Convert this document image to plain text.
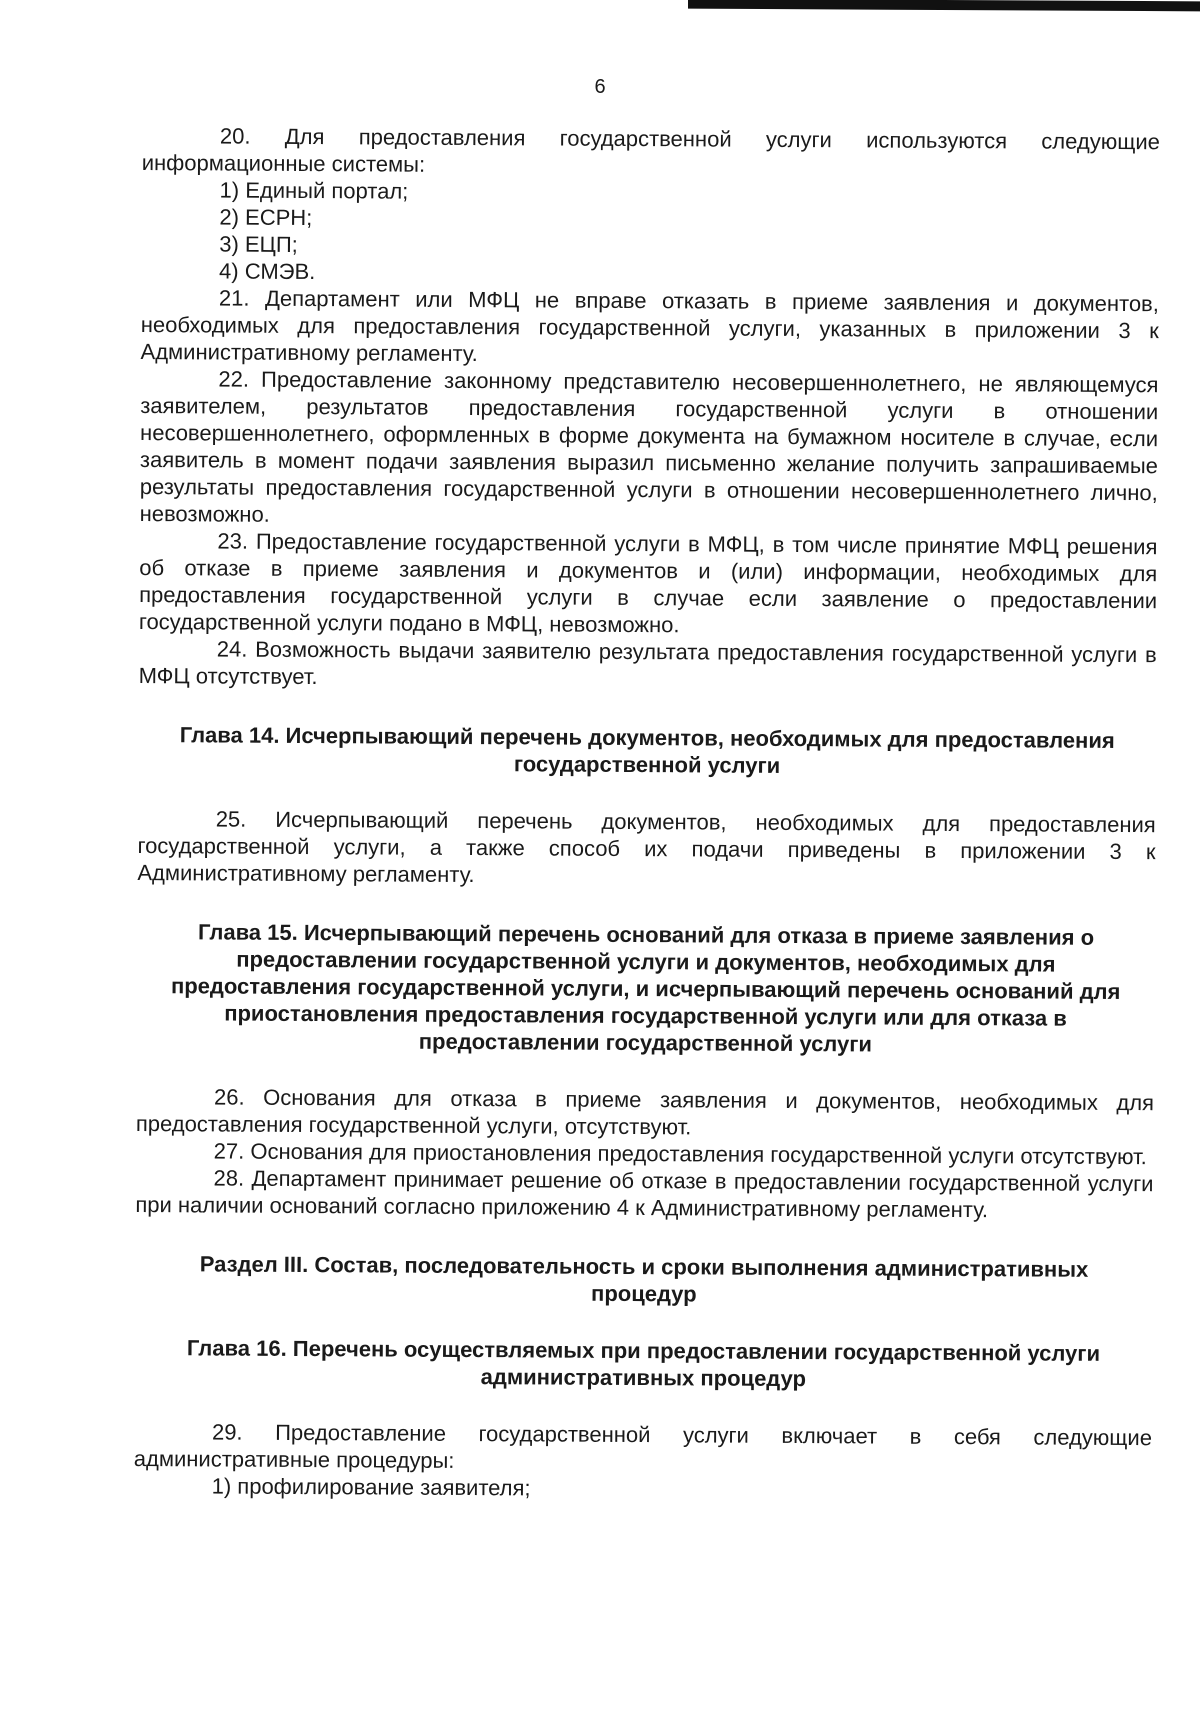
6

20. Для предоставления государственной услуги используются следующие информационные системы:

1) Единый портал;

2) ЕСРН;

3) ЕЦП;

4) СМЭВ.

21. Департамент или МФЦ не вправе отказать в приеме заявления и документов, необходимых для предоставления государственной услуги, указанных в приложении 3 к Административному регламенту.

22. Предоставление законному представителю несовершеннолетнего, не являющемуся заявителем, результатов предоставления государственной услуги в отношении несовершеннолетнего, оформленных в форме документа на бумажном носителе в случае, если заявитель в момент подачи заявления выразил письменно желание получить запрашиваемые результаты предоставления государственной услуги в отношении несовершеннолетнего лично, невозможно.

23. Предоставление государственной услуги в МФЦ, в том числе принятие МФЦ решения об отказе в приеме заявления и документов и (или) информации, необходимых для предоставления государственной услуги в случае если заявление о предоставлении государственной услуги подано в МФЦ, невозможно.

24. Возможность выдачи заявителю результата предоставления государственной услуги в МФЦ отсутствует.

Глава 14. Исчерпывающий перечень документов, необходимых для предоставления государственной услуги

25. Исчерпывающий перечень документов, необходимых для предоставления государственной услуги, а также способ их подачи приведены в приложении 3 к Административному регламенту.

Глава 15. Исчерпывающий перечень оснований для отказа в приеме заявления о предоставлении государственной услуги и документов, необходимых для предоставления государственной услуги, и исчерпывающий перечень оснований для приостановления предоставления государственной услуги или для отказа в предоставлении государственной услуги

26. Основания для отказа в приеме заявления и документов, необходимых для предоставления государственной услуги, отсутствуют.

27. Основания для приостановления предоставления государственной услуги отсутствуют.

28. Департамент принимает решение об отказе в предоставлении государственной услуги при наличии оснований согласно приложению 4 к Административному регламенту.

Раздел III. Состав, последовательность и сроки выполнения административных процедур
Глава 16. Перечень осуществляемых при предоставлении государственной услуги административных процедур

29. Предоставление государственной услуги включает в себя следующие административные процедуры:

1) профилирование заявителя;
